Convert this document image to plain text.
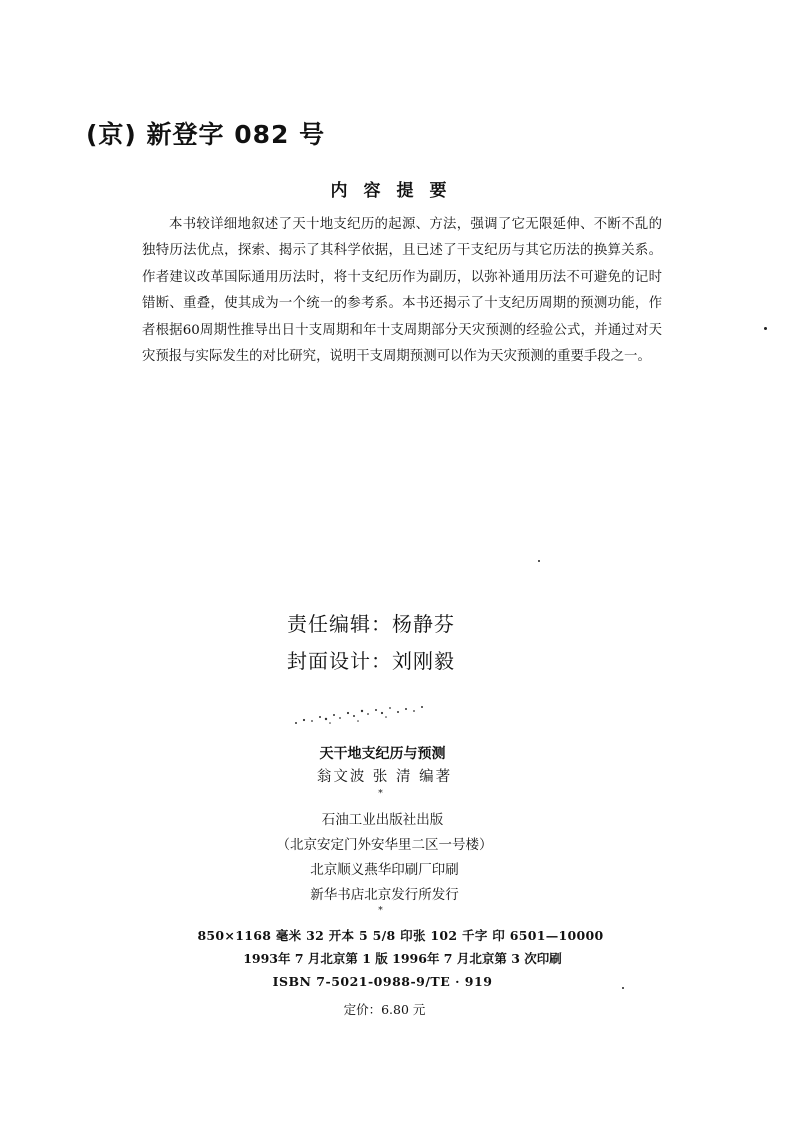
(京) 新登字 082 号
内容提要

本书较详细地叙述了天十地支纪历的起源、方法，强调了它无限延伸、不断不乱的独特历法优点，探索、揭示了其科学依据，且已述了干支纪历与其它历法的换算关系。作者建议改革国际通用历法时，将十支纪历作为副历，以弥补通用历法不可避免的记时错断、重叠，使其成为一个统一的参考系。本书还揭示了十支纪历周期的预测功能，作者根据60周期性推导出日十支周期和年十支周期部分天灾预测的经验公式，并通过对天灾预报与实际发生的对比研究，说明干支周期预测可以作为天灾预测的重要手段之一。

责任编辑：杨静芬
封面设计：刘刚毅
天干地支纪历与预测
翁文波 张 清 编著
*
石油工业出版社出版
（北京安定门外安华里二区一号楼）
北京顺义燕华印刷厂印刷
新华书店北京发行所发行
*
850×1168 毫米 32 开本 5 5/8 印张 102 千字 印 6501—10000
1993年 7 月北京第 1 版 1996年 7 月北京第 3 次印刷
ISBN 7-5021-0988-9/TE · 919
定价：6.80 元
